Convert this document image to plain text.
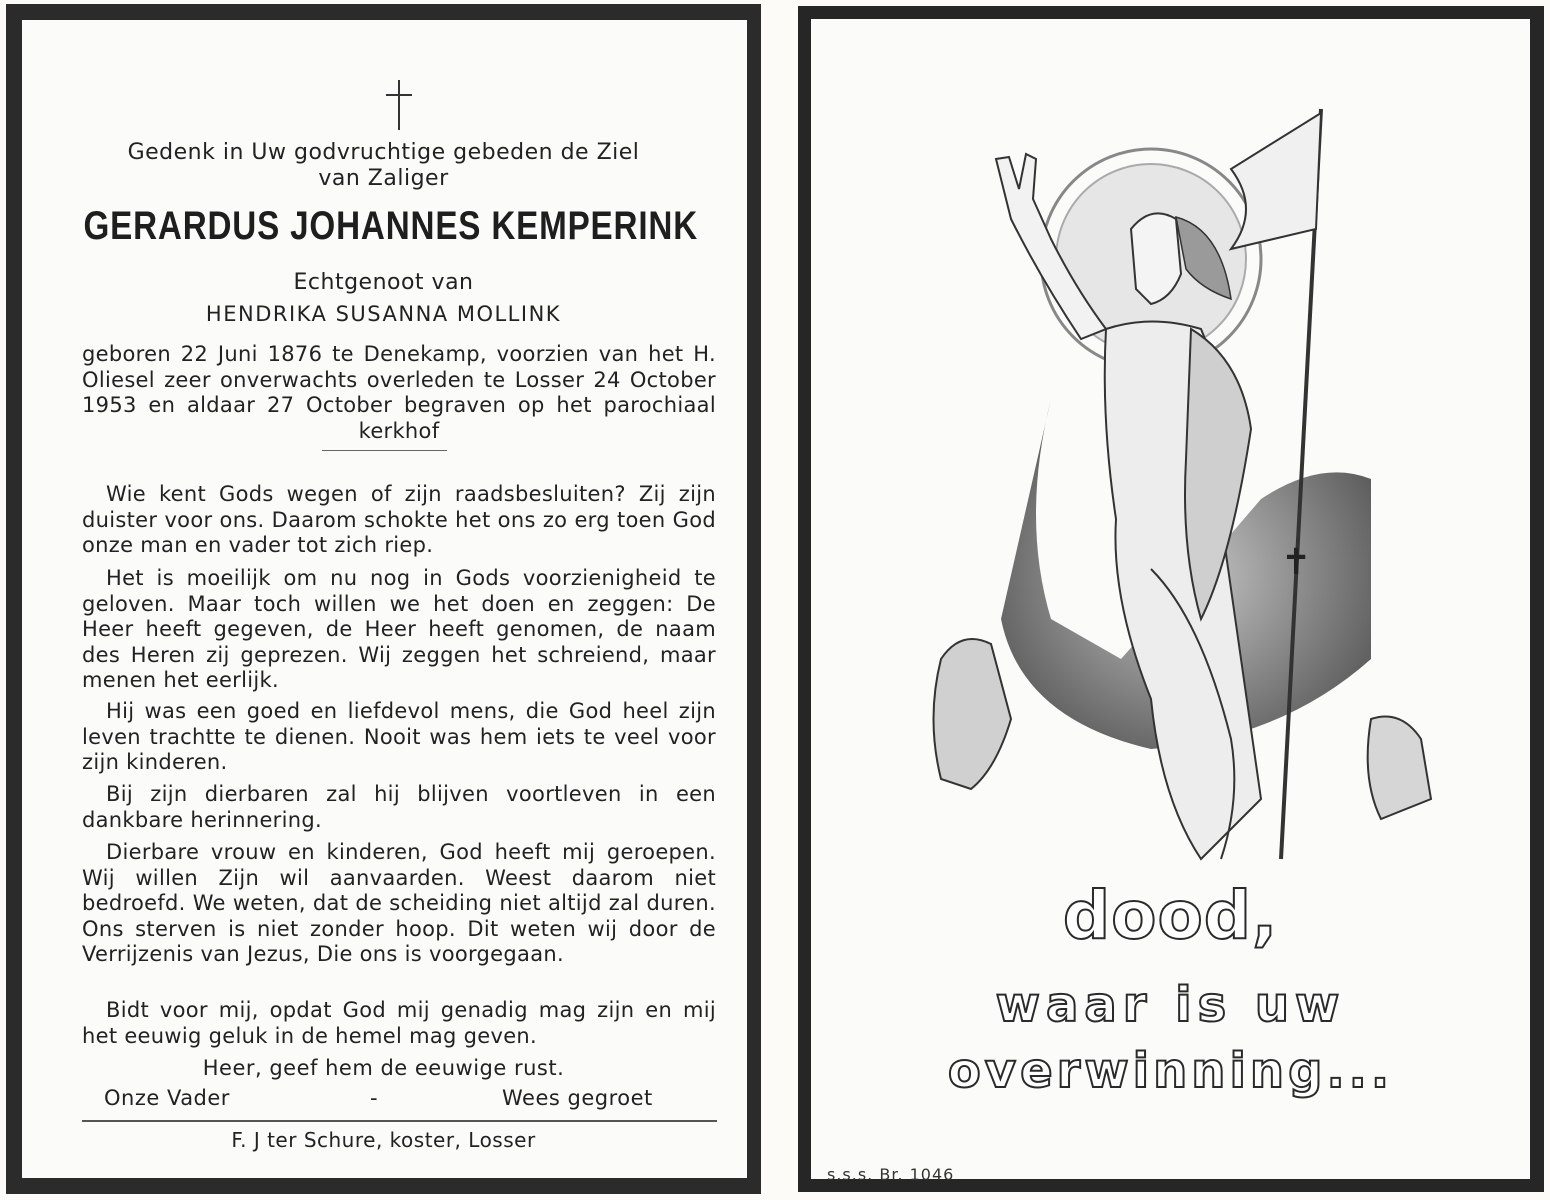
Gedenk in Uw godvruchtige gebeden de Ziel
van Zaliger
GERARDUS JOHANNES KEMPERINK
Echtgenoot van
HENDRIKA SUSANNA MOLLINK
geboren 22 Juni 1876 te Denekamp, voorzien van het H. Oliesel zeer onverwachts overleden te Losser 24 October 1953 en aldaar 27 October begraven op het parochiaal kerkhof
Wie kent Gods wegen of zijn raadsbesluiten? Zij zijn duister voor ons. Daarom schokte het ons zo erg toen God onze man en vader tot zich riep.
Het is moeilijk om nu nog in Gods voorzienigheid te geloven. Maar toch willen we het doen en zeggen: De Heer heeft gegeven, de Heer heeft genomen, de naam des Heren zij geprezen. Wij zeggen het schreiend, maar menen het eerlijk.
Hij was een goed en liefdevol mens, die God heel zijn leven trachtte te dienen. Nooit was hem iets te veel voor zijn kinderen.
Bij zijn dierbaren zal hij blijven voortleven in een dankbare herinnering.
Dierbare vrouw en kinderen, God heeft mij geroepen. Wij willen Zijn wil aanvaarden. Weest daarom niet bedroefd. We weten, dat de scheiding niet altijd zal duren. Ons sterven is niet zonder hoop. Dit weten wij door de Verrijzenis van Jezus, Die ons is voorgegaan.
Bidt voor mij, opdat God mij genadig mag zijn en mij het eeuwig geluk in de hemel mag geven.
Heer, geef hem de eeuwige rust.
Onze Vader	-	Wees gegroet
F. J ter Schure, koster, Losser
✝
dood,
waar is uw
overwinning...
s.s.s. Br. 1046
